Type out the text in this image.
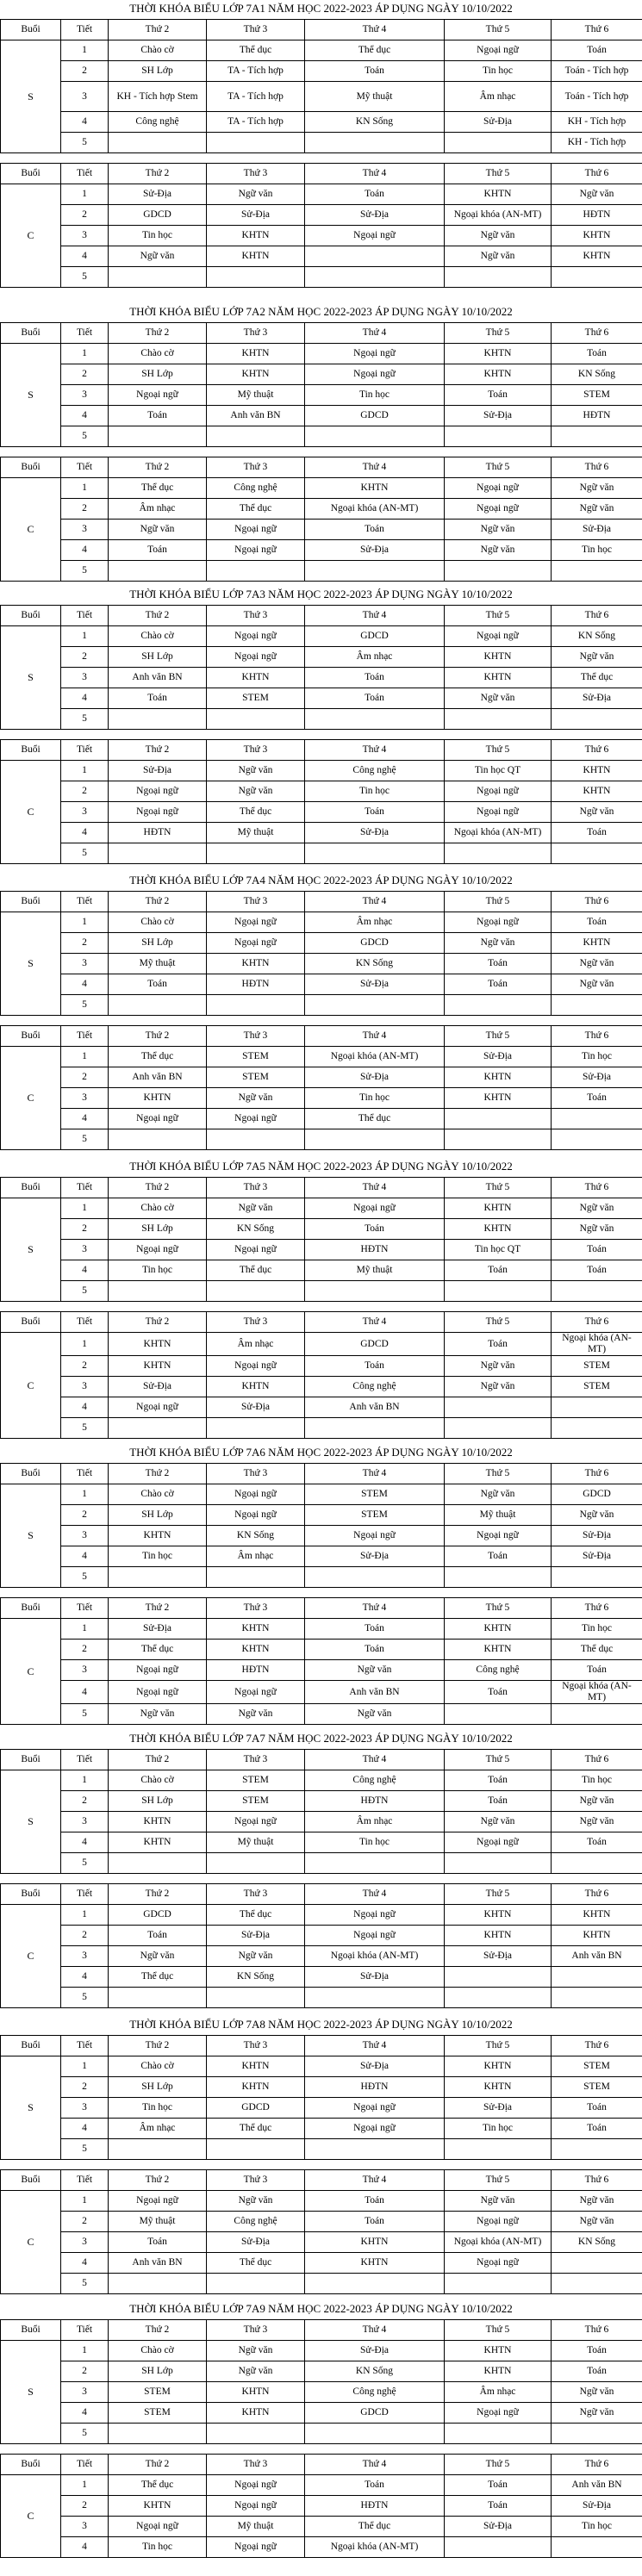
THỜI KHÓA BIỂU LỚP 7A1 NĂM HỌC 2022-2023 ÁP DỤNG NGÀY 10/10/2022
Buổi	Tiết	Thứ 2	Thứ 3	Thứ 4	Thứ 5	Thứ 6
S	1	Chào cờ	Thể dục	Thể dục	Ngoại ngữ	Toán
	2	SH Lớp	TA - Tích hợp	Toán	Tin học	Toán - Tích hợp
	3	KH - Tích hợp Stem	TA - Tích hợp	Mỹ thuật	Âm nhạc	Toán - Tích hợp
	4	Công nghệ	TA - Tích hợp	KN Sống	Sử-Địa	KH - Tích hợp
	5					KH - Tích hợp

Buổi	Tiết	Thứ 2	Thứ 3	Thứ 4	Thứ 5	Thứ 6
C	1	Sử-Địa	Ngữ văn	Toán	KHTN	Ngữ văn
	2	GDCD	Sử-Địa	Sử-Địa	Ngoại khóa (AN-MT)	HĐTN
	3	Tin học	KHTN	Ngoại ngữ	Ngữ văn	KHTN
	4	Ngữ văn	KHTN		Ngữ văn	KHTN
	5					
THỜI KHÓA BIỂU LỚP 7A2 NĂM HỌC 2022-2023 ÁP DỤNG NGÀY 10/10/2022
Buổi	Tiết	Thứ 2	Thứ 3	Thứ 4	Thứ 5	Thứ 6
S	1	Chào cờ	KHTN	Ngoại ngữ	KHTN	Toán
	2	SH Lớp	KHTN	Ngoại ngữ	KHTN	KN Sống
	3	Ngoại ngữ	Mỹ thuật	Tin học	Toán	STEM
	4	Toán	Anh văn BN	GDCD	Sử-Địa	HĐTN
	5					

Buổi	Tiết	Thứ 2	Thứ 3	Thứ 4	Thứ 5	Thứ 6
C	1	Thể dục	Công nghệ	KHTN	Ngoại ngữ	Ngữ văn
	2	Âm nhạc	Thể dục	Ngoại khóa (AN-MT)	Ngoại ngữ	Ngữ văn
	3	Ngữ văn	Ngoại ngữ	Toán	Ngữ văn	Sử-Địa
	4	Toán	Ngoại ngữ	Sử-Địa	Ngữ văn	Tin học
	5					
THỜI KHÓA BIỂU LỚP 7A3 NĂM HỌC 2022-2023 ÁP DỤNG NGÀY 10/10/2022
Buổi	Tiết	Thứ 2	Thứ 3	Thứ 4	Thứ 5	Thứ 6
S	1	Chào cờ	Ngoại ngữ	GDCD	Ngoại ngữ	KN Sống
	2	SH Lớp	Ngoại ngữ	Âm nhạc	KHTN	Ngữ văn
	3	Anh văn BN	KHTN	Toán	KHTN	Thể dục
	4	Toán	STEM	Toán	Ngữ văn	Sử-Địa
	5					

Buổi	Tiết	Thứ 2	Thứ 3	Thứ 4	Thứ 5	Thứ 6
C	1	Sử-Địa	Ngữ văn	Công nghệ	Tin học QT	KHTN
	2	Ngoại ngữ	Ngữ văn	Tin học	Ngoại ngữ	KHTN
	3	Ngoại ngữ	Thể dục	Toán	Ngoại ngữ	Ngữ văn
	4	HĐTN	Mỹ thuật	Sử-Địa	Ngoại khóa (AN-MT)	Toán
	5					
THỜI KHÓA BIỂU LỚP 7A4 NĂM HỌC 2022-2023 ÁP DỤNG NGÀY 10/10/2022
Buổi	Tiết	Thứ 2	Thứ 3	Thứ 4	Thứ 5	Thứ 6
S	1	Chào cờ	Ngoại ngữ	Âm nhạc	Ngoại ngữ	Toán
	2	SH Lớp	Ngoại ngữ	GDCD	Ngữ văn	KHTN
	3	Mỹ thuật	KHTN	KN Sống	Toán	Ngữ văn
	4	Toán	HĐTN	Sử-Địa	Toán	Ngữ văn
	5					

Buổi	Tiết	Thứ 2	Thứ 3	Thứ 4	Thứ 5	Thứ 6
C	1	Thể dục	STEM	Ngoại khóa (AN-MT)	Sử-Địa	Tin học
	2	Anh văn BN	STEM	Sử-Địa	KHTN	Sử-Địa
	3	KHTN	Ngữ văn	Tin học	KHTN	Toán
	4	Ngoại ngữ	Ngoại ngữ	Thể dục		
	5					
THỜI KHÓA BIỂU LỚP 7A5 NĂM HỌC 2022-2023 ÁP DỤNG NGÀY 10/10/2022
Buổi	Tiết	Thứ 2	Thứ 3	Thứ 4	Thứ 5	Thứ 6
S	1	Chào cờ	Ngữ văn	Ngoại ngữ	KHTN	Ngữ văn
	2	SH Lớp	KN Sống	Toán	KHTN	Ngữ văn
	3	Ngoại ngữ	Ngoại ngữ	HĐTN	Tin học QT	Toán
	4	Tin học	Thể dục	Mỹ thuật	Toán	Toán
	5					

Buổi	Tiết	Thứ 2	Thứ 3	Thứ 4	Thứ 5	Thứ 6
C	1	KHTN	Âm nhạc	GDCD	Toán	Ngoại khóa (AN-MT)
	2	KHTN	Ngoại ngữ	Toán	Ngữ văn	STEM
	3	Sử-Địa	KHTN	Công nghệ	Ngữ văn	STEM
	4	Ngoại ngữ	Sử-Địa	Anh văn BN		
	5					
THỜI KHÓA BIỂU LỚP 7A6 NĂM HỌC 2022-2023 ÁP DỤNG NGÀY 10/10/2022
Buổi	Tiết	Thứ 2	Thứ 3	Thứ 4	Thứ 5	Thứ 6
S	1	Chào cờ	Ngoại ngữ	STEM	Ngữ văn	GDCD
	2	SH Lớp	Ngoại ngữ	STEM	Mỹ thuật	Ngữ văn
	3	KHTN	KN Sống	Ngoại ngữ	Ngoại ngữ	Sử-Địa
	4	Tin học	Âm nhạc	Sử-Địa	Toán	Sử-Địa
	5					

Buổi	Tiết	Thứ 2	Thứ 3	Thứ 4	Thứ 5	Thứ 6
C	1	Sử-Địa	KHTN	Toán	KHTN	Tin học
	2	Thể dục	KHTN	Toán	KHTN	Thể dục
	3	Ngoại ngữ	HĐTN	Ngữ văn	Công nghệ	Toán
	4	Ngoại ngữ	Ngoại ngữ	Anh văn BN	Toán	Ngoại khóa (AN-MT)
	5	Ngữ văn	Ngữ văn	Ngữ văn		
THỜI KHÓA BIỂU LỚP 7A7 NĂM HỌC 2022-2023 ÁP DỤNG NGÀY 10/10/2022
Buổi	Tiết	Thứ 2	Thứ 3	Thứ 4	Thứ 5	Thứ 6
S	1	Chào cờ	STEM	Công nghệ	Toán	Tin học
	2	SH Lớp	STEM	HĐTN	Toán	Ngữ văn
	3	KHTN	Ngoại ngữ	Âm nhạc	Ngữ văn	Ngữ văn
	4	KHTN	Mỹ thuật	Tin học	Ngoại ngữ	Toán
	5					

Buổi	Tiết	Thứ 2	Thứ 3	Thứ 4	Thứ 5	Thứ 6
C	1	GDCD	Thể dục	Ngoại ngữ	KHTN	KHTN
	2	Toán	Sử-Địa	Ngoại ngữ	KHTN	KHTN
	3	Ngữ văn	Ngữ văn	Ngoại khóa (AN-MT)	Sử-Địa	Anh văn BN
	4	Thể dục	KN Sống	Sử-Địa		
	5					
THỜI KHÓA BIỂU LỚP 7A8 NĂM HỌC 2022-2023 ÁP DỤNG NGÀY 10/10/2022
Buổi	Tiết	Thứ 2	Thứ 3	Thứ 4	Thứ 5	Thứ 6
S	1	Chào cờ	KHTN	Sử-Địa	KHTN	STEM
	2	SH Lớp	KHTN	HĐTN	KHTN	STEM
	3	Tin học	GDCD	Ngoại ngữ	Sử-Địa	Toán
	4	Âm nhạc	Thể dục	Ngoại ngữ	Tin học	Toán
	5					

Buổi	Tiết	Thứ 2	Thứ 3	Thứ 4	Thứ 5	Thứ 6
C	1	Ngoại ngữ	Ngữ văn	Toán	Ngữ văn	Ngữ văn
	2	Mỹ thuật	Công nghệ	Toán	Ngoại ngữ	Ngữ văn
	3	Toán	Sử-Địa	KHTN	Ngoại khóa (AN-MT)	KN Sống
	4	Anh văn BN	Thể dục	KHTN	Ngoại ngữ	
	5					
THỜI KHÓA BIỂU LỚP 7A9 NĂM HỌC 2022-2023 ÁP DỤNG NGÀY 10/10/2022
Buổi	Tiết	Thứ 2	Thứ 3	Thứ 4	Thứ 5	Thứ 6
S	1	Chào cờ	Ngữ văn	Sử-Địa	KHTN	Toán
	2	SH Lớp	Ngữ văn	KN Sống	KHTN	Toán
	3	STEM	KHTN	Công nghệ	Âm nhạc	Ngữ văn
	4	STEM	KHTN	GDCD	Ngoại ngữ	Ngữ văn
	5					

Buổi	Tiết	Thứ 2	Thứ 3	Thứ 4	Thứ 5	Thứ 6
C	1	Thể dục	Ngoại ngữ	Toán	Toán	Anh văn BN
	2	KHTN	Ngoại ngữ	HĐTN	Toán	Sử-Địa
	3	Ngoại ngữ	Mỹ thuật	Thể dục	Sử-Địa	Tin học
	4	Tin học	Ngoại ngữ	Ngoại khóa (AN-MT)		
